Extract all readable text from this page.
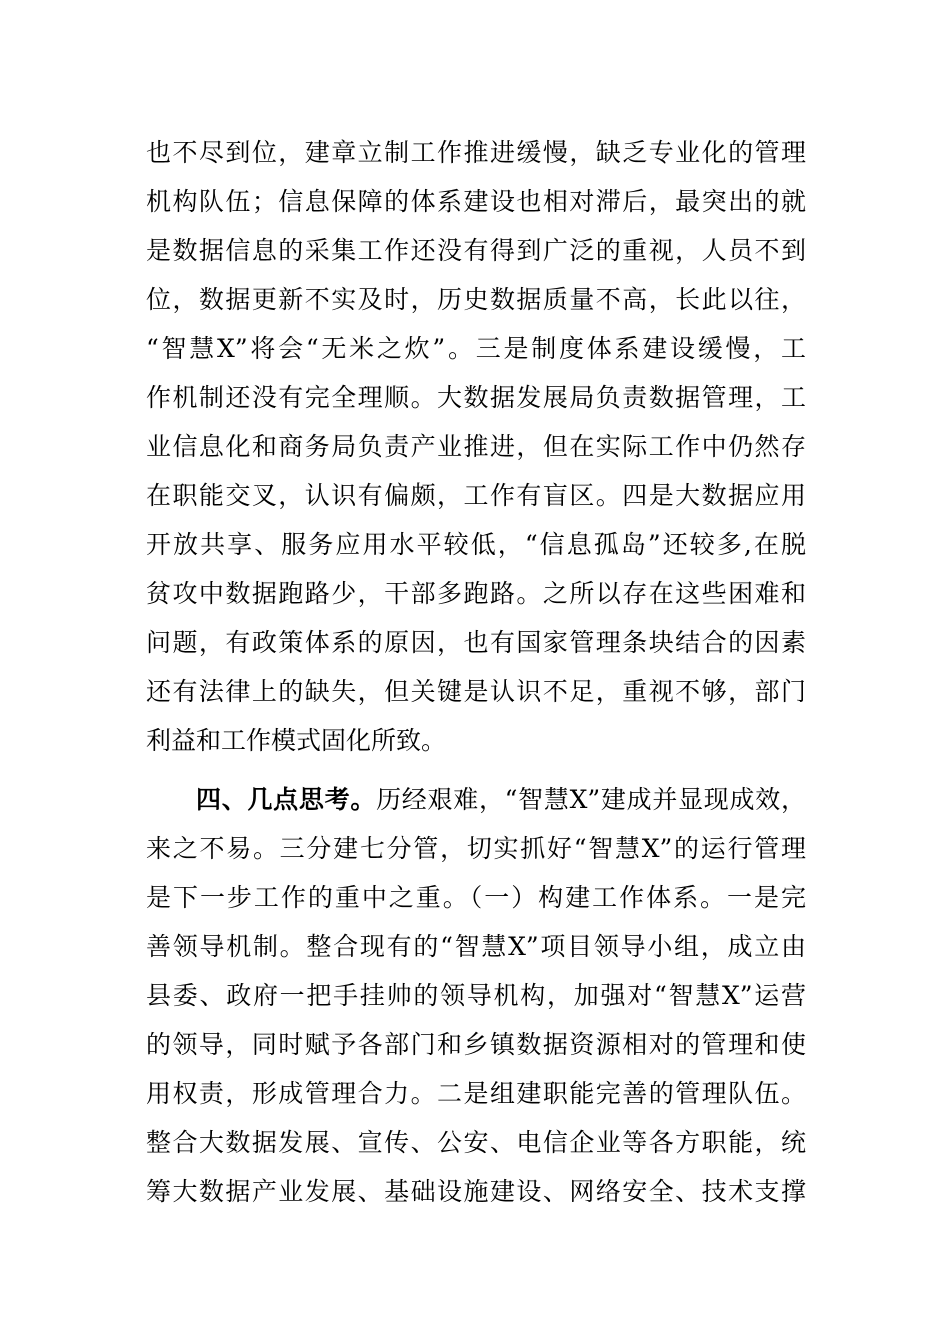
也不尽到位，建章立制工作推进缓慢，缺乏专业化的管理
机构队伍；信息保障的体系建设也相对滞后，最突出的就
是数据信息的采集工作还没有得到广泛的重视，人员不到
位，数据更新不实及时，历史数据质量不高，长此以往，
“智慧X”将会“无米之炊”。三是制度体系建设缓慢，工
作机制还没有完全理顺。大数据发展局负责数据管理，工
业信息化和商务局负责产业推进，但在实际工作中仍然存
在职能交叉，认识有偏颇，工作有盲区。四是大数据应用
开放共享、服务应用水平较低，“信息孤岛”还较多,在脱
贫攻中数据跑路少，干部多跑路。之所以存在这些困难和
问题，有政策体系的原因，也有国家管理条块结合的因素
还有法律上的缺失，但关键是认识不足，重视不够，部门
利益和工作模式固化所致。
四、几点思考。历经艰难，“智慧X”建成并显现成效，
来之不易。三分建七分管，切实抓好“智慧X”的运行管理
是下一步工作的重中之重。（一）构建工作体系。一是完
善领导机制。整合现有的“智慧X”项目领导小组，成立由
县委、政府一把手挂帅的领导机构，加强对“智慧X”运营
的领导，同时赋予各部门和乡镇数据资源相对的管理和使
用权责，形成管理合力。二是组建职能完善的管理队伍。
整合大数据发展、宣传、公安、电信企业等各方职能，统
筹大数据产业发展、基础设施建设、网络安全、技术支撑
